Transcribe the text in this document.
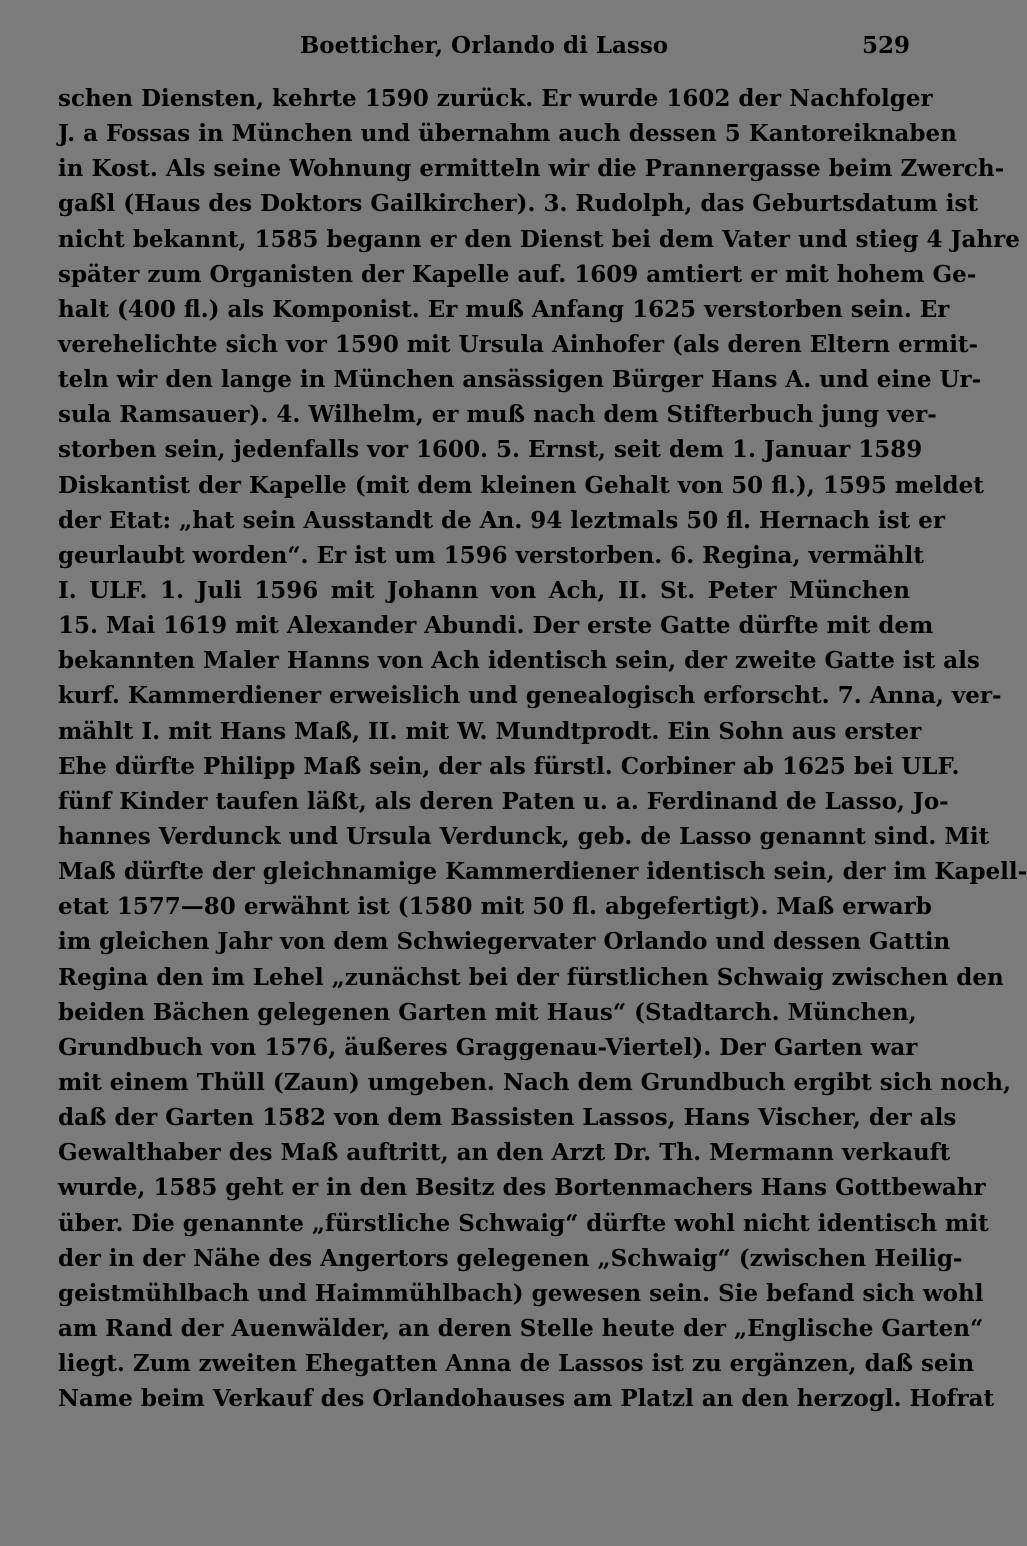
Boetticher, Orlando di Lasso	529
schen Diensten, kehrte 1590 zurück. Er wurde 1602 der Nachfolger
J. a Fossas in München und übernahm auch dessen 5 Kantoreiknaben
in Kost. Als seine Wohnung ermitteln wir die Prannergasse beim Zwerch-
gaßl (Haus des Doktors Gailkircher). 3. Rudolph, das Geburtsdatum ist
nicht bekannt, 1585 begann er den Dienst bei dem Vater und stieg 4 Jahre
später zum Organisten der Kapelle auf. 1609 amtiert er mit hohem Ge-
halt (400 fl.) als Komponist. Er muß Anfang 1625 verstorben sein. Er
verehelichte sich vor 1590 mit Ursula Ainhofer (als deren Eltern ermit-
teln wir den lange in München ansässigen Bürger Hans A. und eine Ur-
sula Ramsauer). 4. Wilhelm, er muß nach dem Stifterbuch jung ver-
storben sein, jedenfalls vor 1600. 5. Ernst, seit dem 1. Januar 1589
Diskantist der Kapelle (mit dem kleinen Gehalt von 50 fl.), 1595 meldet
der Etat: „hat sein Ausstandt de An. 94 leztmals 50 fl. Hernach ist er
geurlaubt worden“. Er ist um 1596 verstorben. 6. Regina, vermählt
I. ULF. 1. Juli 1596 mit Johann von Ach, II. St. Peter München
15. Mai 1619 mit Alexander Abundi. Der erste Gatte dürfte mit dem
bekannten Maler Hanns von Ach identisch sein, der zweite Gatte ist als
kurf. Kammerdiener erweislich und genealogisch erforscht. 7. Anna, ver-
mählt I. mit Hans Maß, II. mit W. Mundtprodt. Ein Sohn aus erster
Ehe dürfte Philipp Maß sein, der als fürstl. Corbiner ab 1625 bei ULF.
fünf Kinder taufen läßt, als deren Paten u. a. Ferdinand de Lasso, Jo-
hannes Verdunck und Ursula Verdunck, geb. de Lasso genannt sind. Mit
Maß dürfte der gleichnamige Kammerdiener identisch sein, der im Kapell-
etat 1577—80 erwähnt ist (1580 mit 50 fl. abgefertigt). Maß erwarb
im gleichen Jahr von dem Schwiegervater Orlando und dessen Gattin
Regina den im Lehel „zunächst bei der fürstlichen Schwaig zwischen den
beiden Bächen gelegenen Garten mit Haus“ (Stadtarch. München,
Grundbuch von 1576, äußeres Graggenau-Viertel). Der Garten war
mit einem Thüll (Zaun) umgeben. Nach dem Grundbuch ergibt sich noch,
daß der Garten 1582 von dem Bassisten Lassos, Hans Vischer, der als
Gewalthaber des Maß auftritt, an den Arzt Dr. Th. Mermann verkauft
wurde, 1585 geht er in den Besitz des Bortenmachers Hans Gottbewahr
über. Die genannte „fürstliche Schwaig“ dürfte wohl nicht identisch mit
der in der Nähe des Angertors gelegenen „Schwaig“ (zwischen Heilig-
geistmühlbach und Haimmühlbach) gewesen sein. Sie befand sich wohl
am Rand der Auenwälder, an deren Stelle heute der „Englische Garten“
liegt. Zum zweiten Ehegatten Anna de Lassos ist zu ergänzen, daß sein
Name beim Verkauf des Orlandohauses am Platzl an den herzogl. Hofrat
